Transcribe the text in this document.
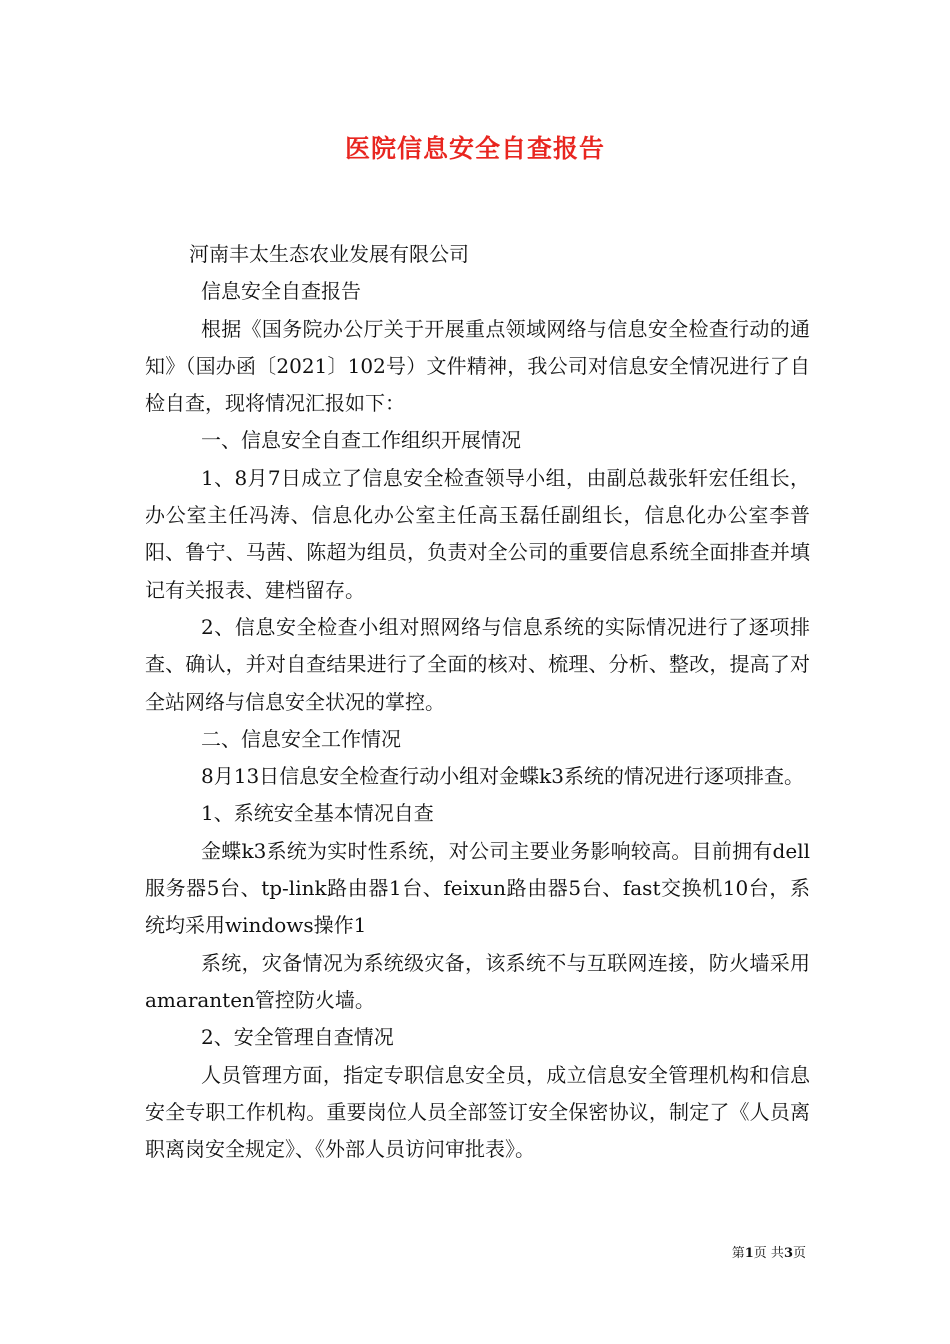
医院信息安全自查报告

河南丰太生态农业发展有限公司

信息安全自查报告

根据《国务院办公厅关于开展重点领域网络与信息安全检查行动的通知》（国办函〔2021〕102号）文件精神，我公司对信息安全情况进行了自检自查，现将情况汇报如下：

一、信息安全自查工作组织开展情况

1、8月7日成立了信息安全检查领导小组，由副总裁张轩宏任组长，办公室主任冯涛、信息化办公室主任高玉磊任副组长，信息化办公室李普阳、鲁宁、马茜、陈超为组员，负责对全公司的重要信息系统全面排查并填记有关报表、建档留存。

2、信息安全检查小组对照网络与信息系统的实际情况进行了逐项排查、确认，并对自查结果进行了全面的核对、梳理、分析、整改，提高了对全站网络与信息安全状况的掌控。

二、信息安全工作情况

8月13日信息安全检查行动小组对金蝶k3系统的情况进行逐项排查。

1、系统安全基本情况自查

金蝶k3系统为实时性系统，对公司主要业务影响较高。目前拥有dell服务器5台、tp-link路由器1台、feixun路由器5台、fast交换机10台，系统均采用windows操作1

系统，灾备情况为系统级灾备，该系统不与互联网连接，防火墙采用amaranten管控防火墙。

2、安全管理自查情况

人员管理方面，指定专职信息安全员，成立信息安全管理机构和信息安全专职工作机构。重要岗位人员全部签订安全保密协议，制定了《人员离职离岗安全规定》、《外部人员访问审批表》。

第1页 共3页
